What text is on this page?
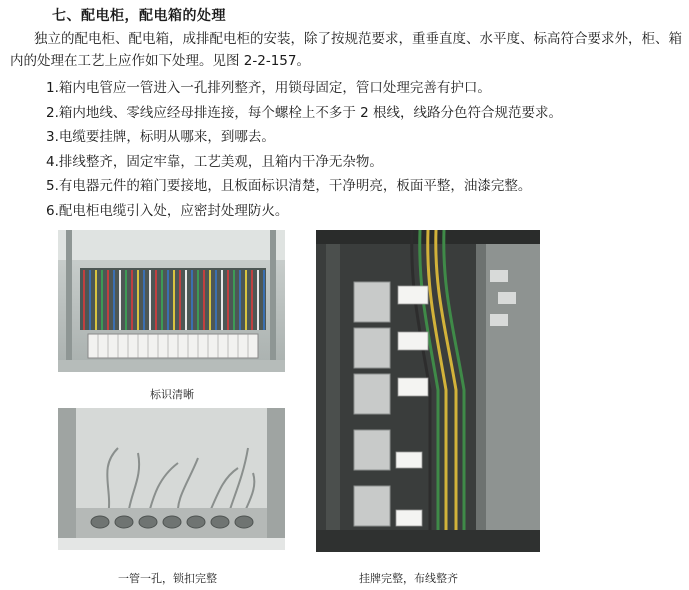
七、配电柜，配电箱的处理
独立的配电柜、配电箱，成排配电柜的安装，除了按规范要求，重垂直度、水平度、标高符合要求外，柜、箱内的处理在工艺上应作如下处理。见图 2-2-157。
1.箱内电管应一管进入一孔排列整齐，用锁母固定，管口处理完善有护口。
2.箱内地线、零线应经母排连接，每个螺栓上不多于 2 根线，线路分色符合规范要求。
3.电缆要挂牌，标明从哪来，到哪去。
4.排线整齐，固定牢靠，工艺美观，且箱内干净无杂物。
5.有电器元件的箱门要接地，且板面标识清楚，干净明亮，板面平整，油漆完整。
6.配电柜电缆引入处，应密封处理防火。
标识清晰
一管一孔，锁扣完整	挂牌完整，布线整齐
